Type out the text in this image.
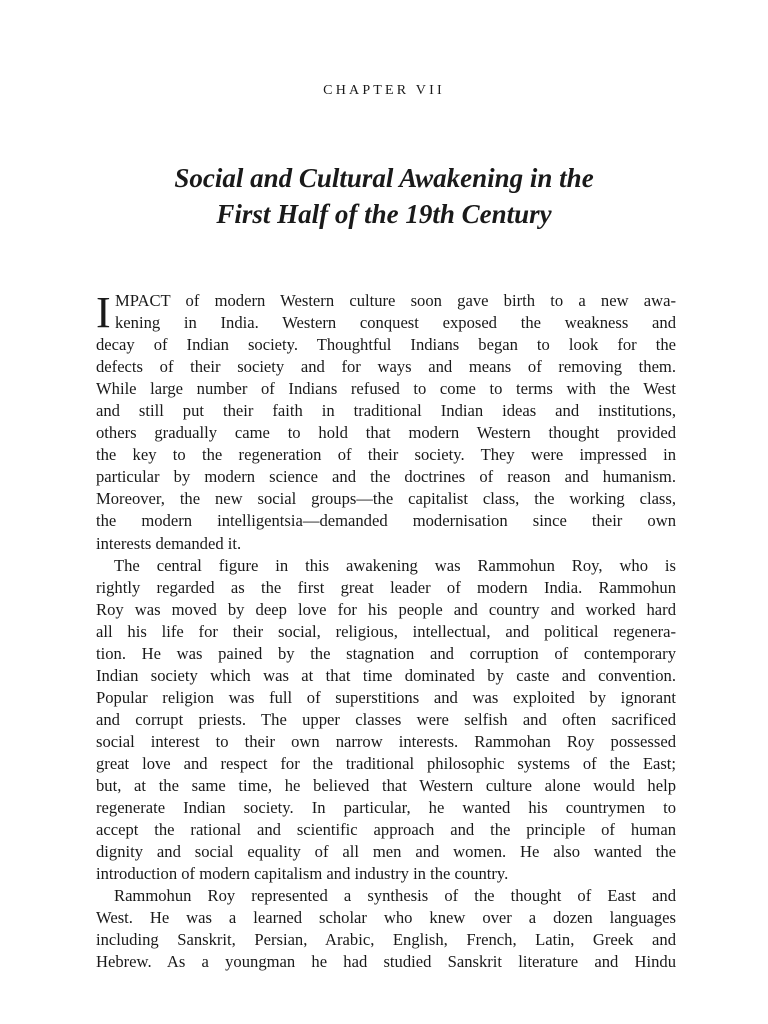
CHAPTER VII
Social and Cultural Awakening in the
First Half of the 19th Century
I MPACT of modern Western culture soon gave birth to a new awa-
kening in India. Western conquest exposed the weakness and
decay of Indian society. Thoughtful Indians began to look for the
defects of their society and for ways and means of removing them.
While large number of Indians refused to come to terms with the West
and still put their faith in traditional Indian ideas and institutions,
others gradually came to hold that modern Western thought provided
the key to the regeneration of their society. They were impressed in
particular by modern science and the doctrines of reason and humanism.
Moreover, the new social groups—the capitalist class, the working class,
the modern intelligentsia—demanded modernisation since their own
interests demanded it.
The central figure in this awakening was Rammohun Roy, who is
rightly regarded as the first great leader of modern India. Rammohun
Roy was moved by deep love for his people and country and worked hard
all his life for their social, religious, intellectual, and political regenera-
tion. He was pained by the stagnation and corruption of contemporary
Indian society which was at that time dominated by caste and convention.
Popular religion was full of superstitions and was exploited by ignorant
and corrupt priests. The upper classes were selfish and often sacrificed
social interest to their own narrow interests. Rammohan Roy possessed
great love and respect for the traditional philosophic systems of the East;
but, at the same time, he believed that Western culture alone would help
regenerate Indian society. In particular, he wanted his countrymen to
accept the rational and scientific approach and the principle of human
dignity and social equality of all men and women. He also wanted the
introduction of modern capitalism and industry in the country.
Rammohun Roy represented a synthesis of the thought of East and
West. He was a learned scholar who knew over a dozen languages
including Sanskrit, Persian, Arabic, English, French, Latin, Greek and
Hebrew. As a youngman he had studied Sanskrit literature and Hindu
